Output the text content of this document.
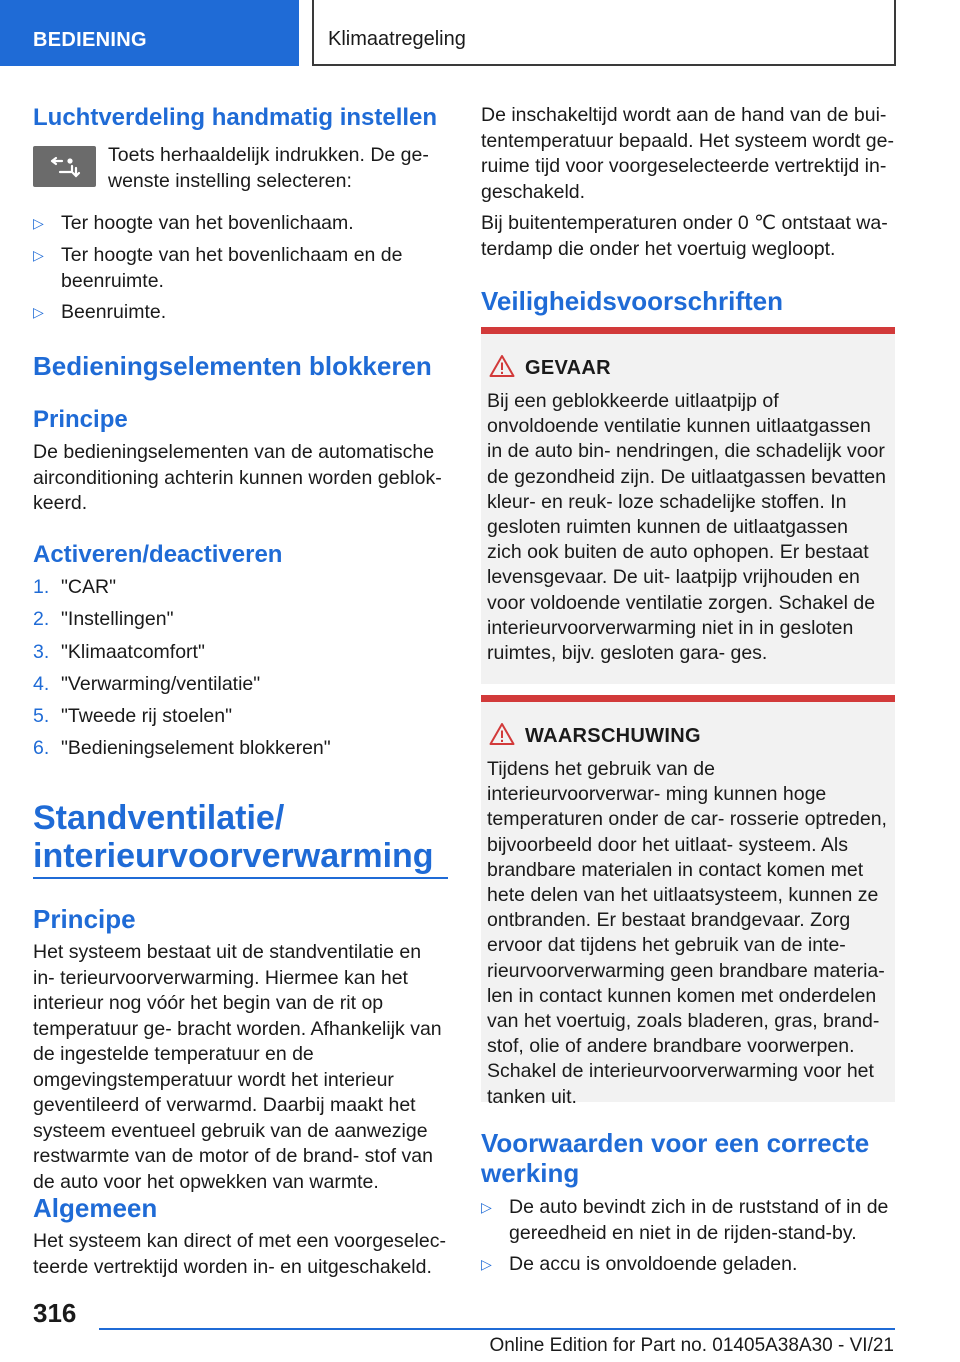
BEDIENING	Klimaatregeling
Luchtverdeling handmatig instellen
Toets herhaaldelijk indrukken. De ge‐ wenste instelling selecteren:
▷ Ter hoogte van het bovenlichaam.
▷ Ter hoogte van het bovenlichaam en de beenruimte.
▷ Beenruimte.
Bedieningselementen blokkeren
Principe
De bedieningselementen van de automatische airconditioning achterin kunnen worden geblok‐ keerd.
Activeren/deactiveren
1. "CAR"
2. "Instellingen"
3. "Klimaatcomfort"
4. "Verwarming/ventilatie"
5. "Tweede rij stoelen"
6. "Bedieningselement blokkeren"
Standventilatie/
interieurvoorverwarming
Principe
Het systeem bestaat uit de standventilatie en in‐ terieurvoorverwarming. Hiermee kan het interieur nog vóór het begin van de rit op temperatuur ge‐ bracht worden. Afhankelijk van de ingestelde temperatuur en de omgevingstemperatuur wordt het interieur geventileerd of verwarmd. Daarbij maakt het systeem eventueel gebruik van de aanwezige restwarmte van de motor of de brand‐ stof van de auto voor het opwekken van warmte.
Algemeen
Het systeem kan direct of met een voorgeselec‐ teerde vertrektijd worden in- en uitgeschakeld.
De inschakeltijd wordt aan de hand van de bui‐ tentemperatuur bepaald. Het systeem wordt ge‐ ruime tijd voor voorgeselecteerde vertrektijd in‐ geschakeld.
Bij buitentemperaturen onder 0 ℃ ontstaat wa‐ terdamp die onder het voertuig wegloopt.
Veiligheidsvoorschriften
GEVAAR
Bij een geblokkeerde uitlaatpijp of onvoldoende ventilatie kunnen uitlaatgassen in de auto bin‐ nendringen, die schadelijk voor de gezondheid zijn. De uitlaatgassen bevatten kleur- en reuk‐ loze schadelijke stoffen. In gesloten ruimten kunnen de uitlaatgassen zich ook buiten de auto ophopen. Er bestaat levensgevaar. De uit‐ laatpijp vrijhouden en voor voldoende ventilatie zorgen. Schakel de interieurvoorverwarming niet in in gesloten ruimtes, bijv. gesloten gara‐ ges.
WAARSCHUWING
Tijdens het gebruik van de interieurvoorverwar‐ ming kunnen hoge temperaturen onder de car‐ rosserie optreden, bijvoorbeeld door het uitlaat‐ systeem. Als brandbare materialen in contact komen met hete delen van het uitlaatsysteem, kunnen ze ontbranden. Er bestaat brandgevaar. Zorg ervoor dat tijdens het gebruik van de inte‐ rieurvoorverwarming geen brandbare materia‐ len in contact kunnen komen met onderdelen van het voertuig, zoals bladeren, gras, brand‐ stof, olie of andere brandbare voorwerpen. Schakel de interieurvoorverwarming voor het tanken uit.
Voorwaarden voor een correcte
werking
▷ De auto bevindt zich in de ruststand of in de gereedheid en niet in de rijden-stand-by.
▷ De accu is onvoldoende geladen.
316
Online Edition for Part no. 01405A38A30 - VI/21
